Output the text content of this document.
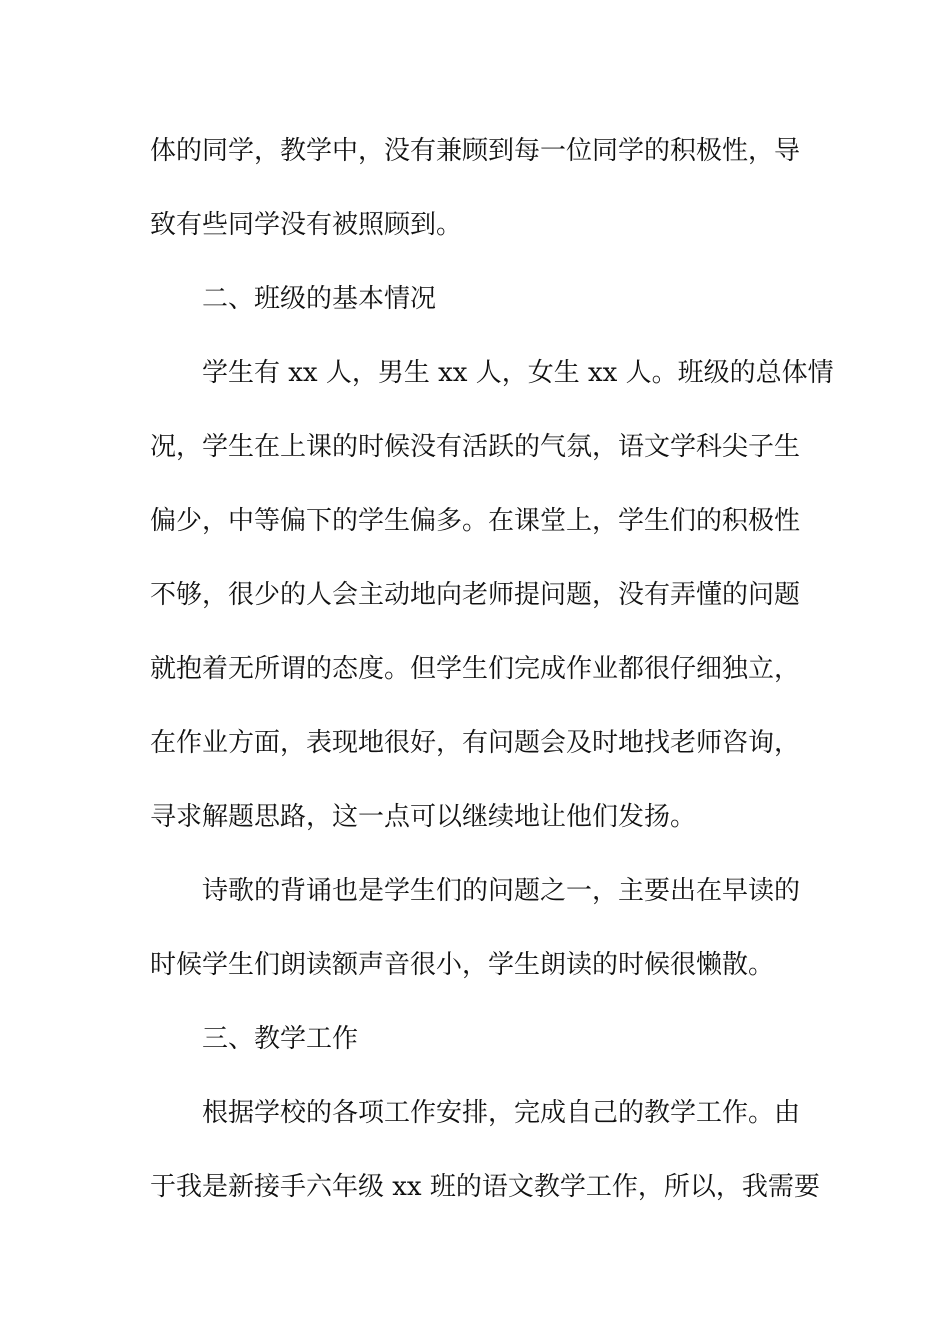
体的同学，教学中，没有兼顾到每一位同学的积极性，导
致有些同学没有被照顾到。
二、班级的基本情况
学生有 xx 人，男生 xx 人，女生 xx 人。班级的总体情
况，学生在上课的时候没有活跃的气氛，语文学科尖子生
偏少，中等偏下的学生偏多。在课堂上，学生们的积极性
不够，很少的人会主动地向老师提问题，没有弄懂的问题
就抱着无所谓的态度。但学生们完成作业都很仔细独立，
在作业方面，表现地很好，有问题会及时地找老师咨询，
寻求解题思路，这一点可以继续地让他们发扬。
诗歌的背诵也是学生们的问题之一，主要出在早读的
时候学生们朗读额声音很小，学生朗读的时候很懒散。
三、教学工作
根据学校的各项工作安排，完成自己的教学工作。由
于我是新接手六年级 xx 班的语文教学工作，所以，我需要
